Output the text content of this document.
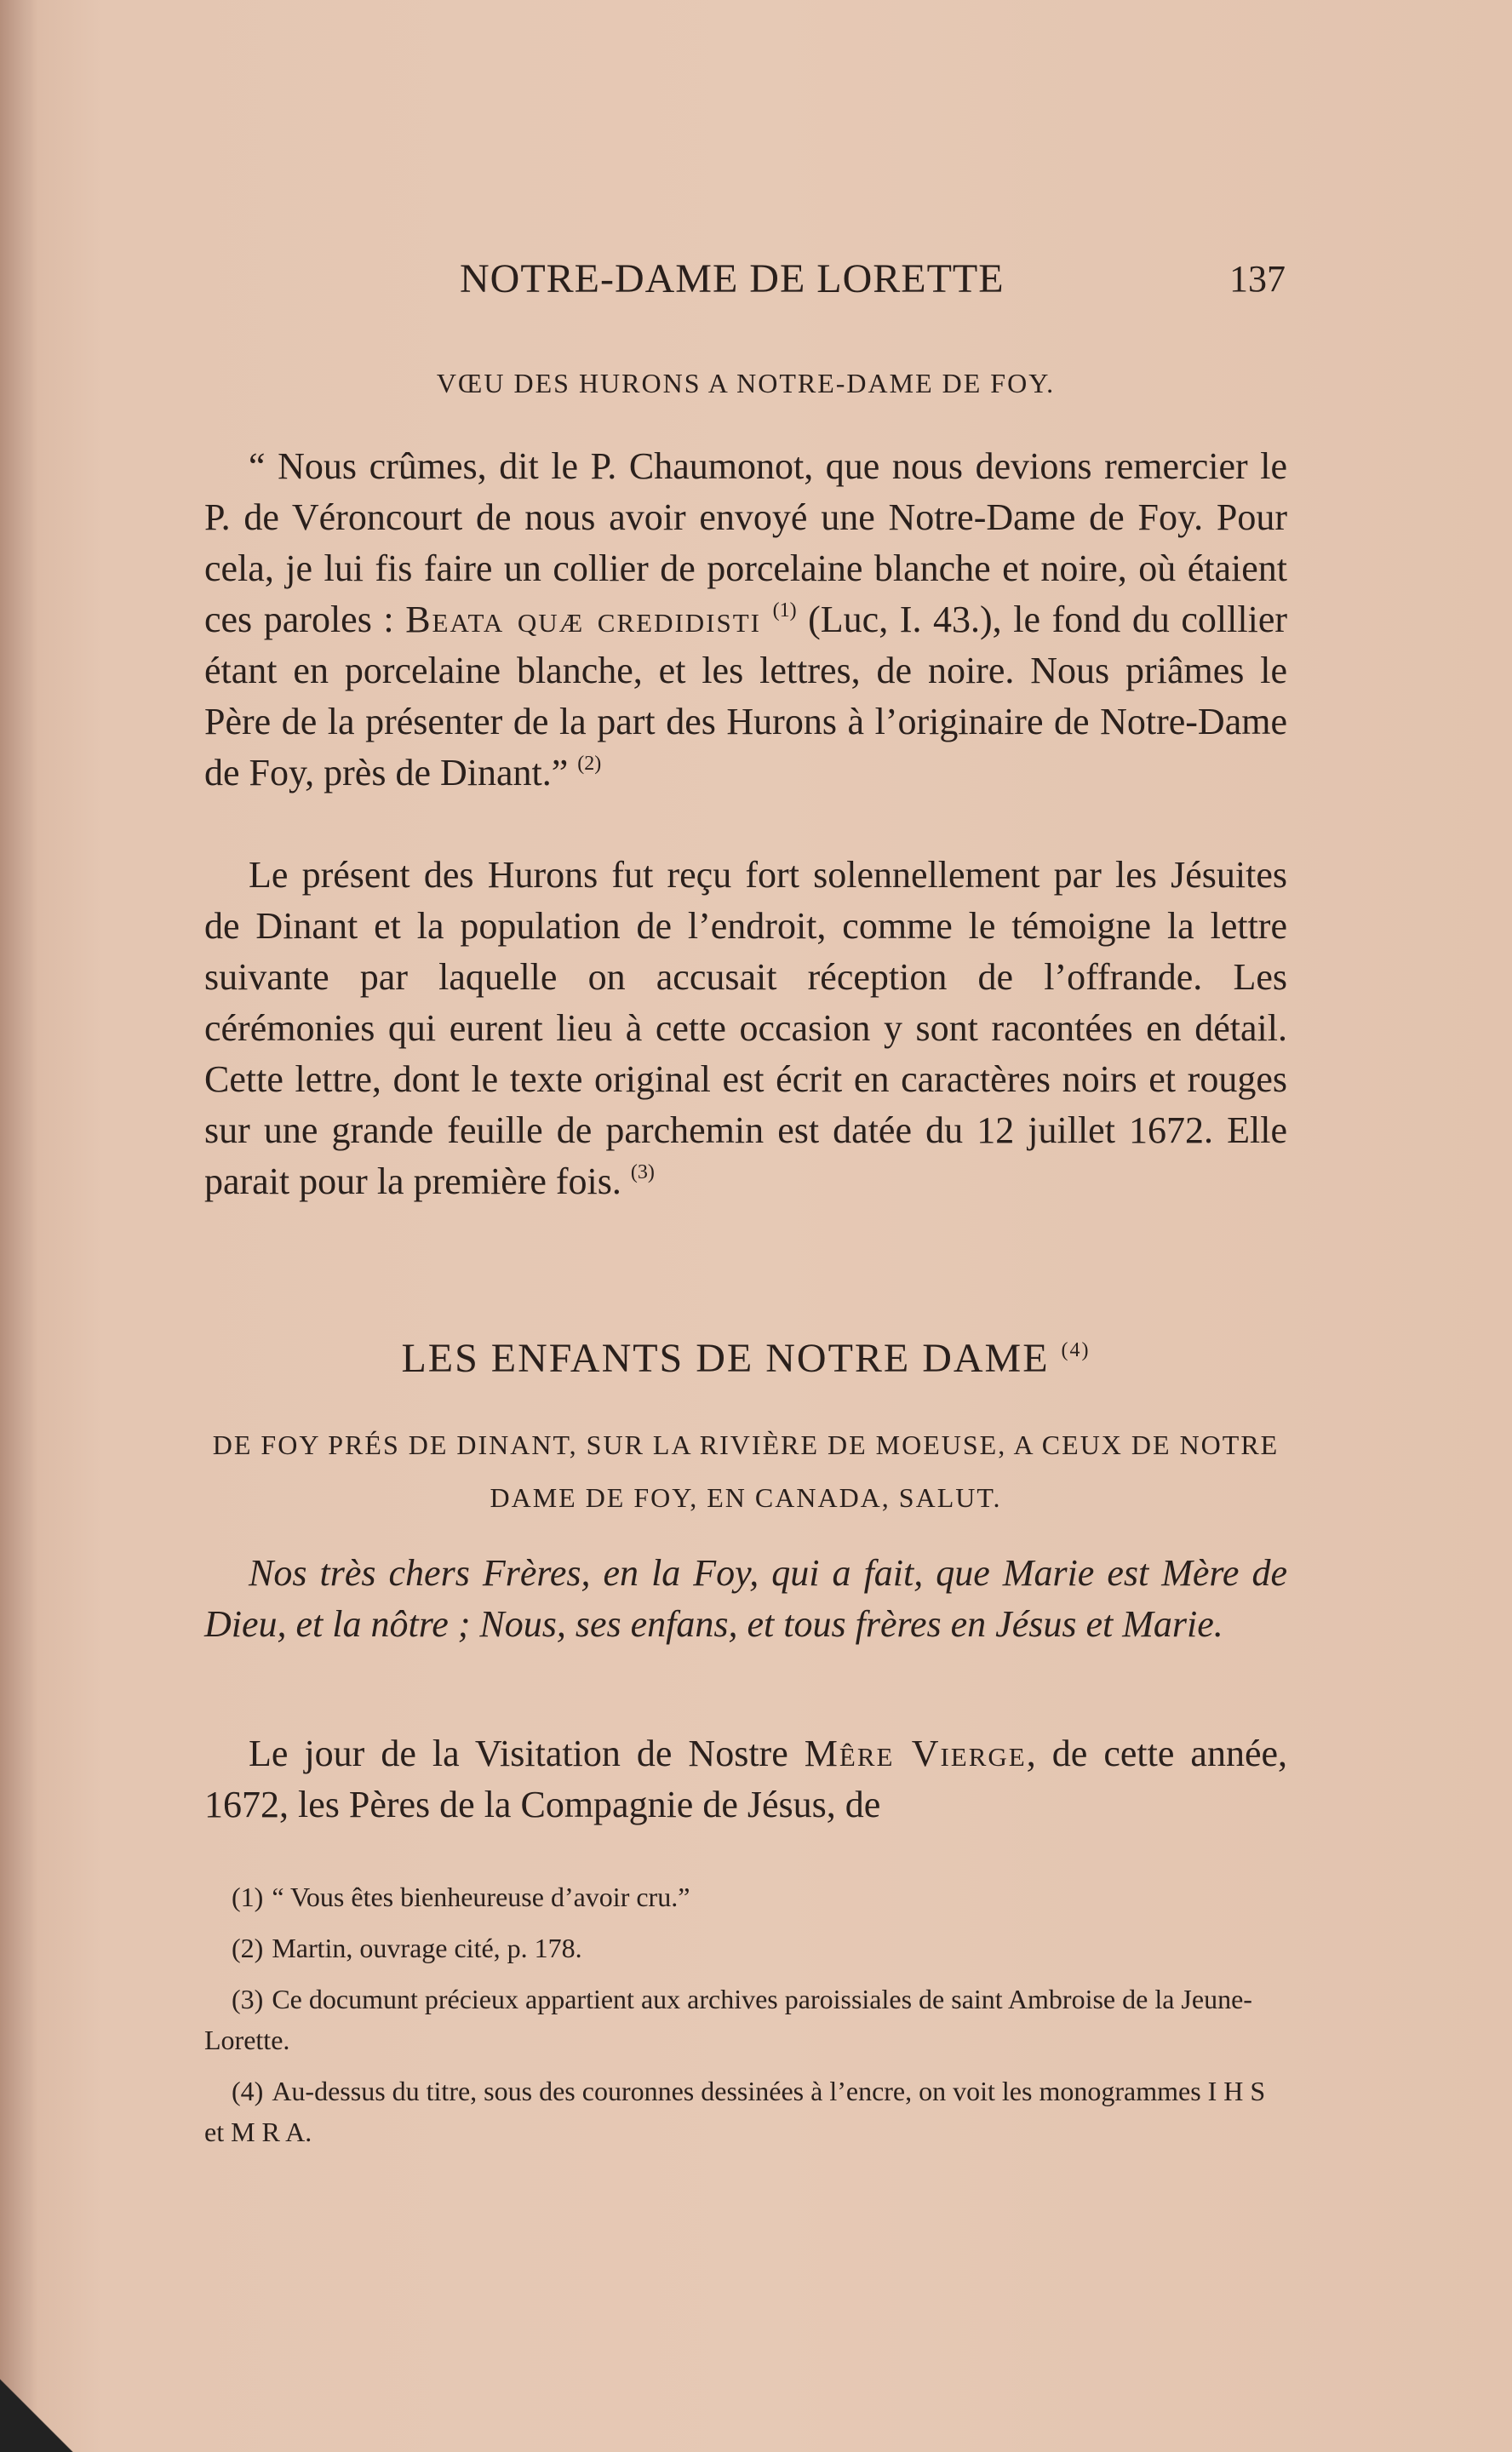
NOTRE-DAME DE LORETTE	137
VŒU DES HURONS A NOTRE-DAME DE FOY.
“ Nous crûmes, dit le P. Chaumonot, que nous devions remercier le P. de Véroncourt de nous avoir envoyé une Notre-Dame de Foy. Pour cela, je lui fis faire un collier de porcelaine blanche et noire, où étaient ces paroles : Beata quæ credidisti $^{(1)}$ (Luc, I. 43.), le fond du colllier étant en porcelaine blanche, et les lettres, de noire. Nous priâmes le Père de la présenter de la part des Hurons à l’originaire de Notre-Dame de Foy, près de Dinant.” $^{(2)}$
Le présent des Hurons fut reçu fort solennellement par les Jésuites de Dinant et la population de l’endroit, comme le témoigne la lettre suivante par laquelle on accusait réception de l’offrande. Les cérémonies qui eurent lieu à cette occasion y sont racontées en détail. Cette lettre, dont le texte original est écrit en caractères noirs et rouges sur une grande feuille de parchemin est datée du 12 juillet 1672. Elle parait pour la première fois. $^{(3)}$
LES ENFANTS DE NOTRE DAME $^{(4)}$
DE FOY PRÉS DE DINANT, SUR LA RIVIÈRE DE MOEUSE, A CEUX DE NOTRE DAME DE FOY, EN CANADA, SALUT.
Nos très chers Frères, en la Foy, qui a fait, que Marie est Mère de Dieu, et la nôtre ; Nous, ses enfans, et tous frères en Jésus et Marie.
Le jour de la Visitation de Nostre Mêre Vierge, de cette année, 1672, les Pères de la Compagnie de Jésus, de
(1) “ Vous êtes bienheureuse d’avoir cru.”
(2) Martin, ouvrage cité, p. 178.
(3) Ce documunt précieux appartient aux archives paroissiales de saint Ambroise de la Jeune-Lorette.
(4) Au-dessus du titre, sous des couronnes dessinées à l’encre, on voit les monogrammes I H S et M R A.
